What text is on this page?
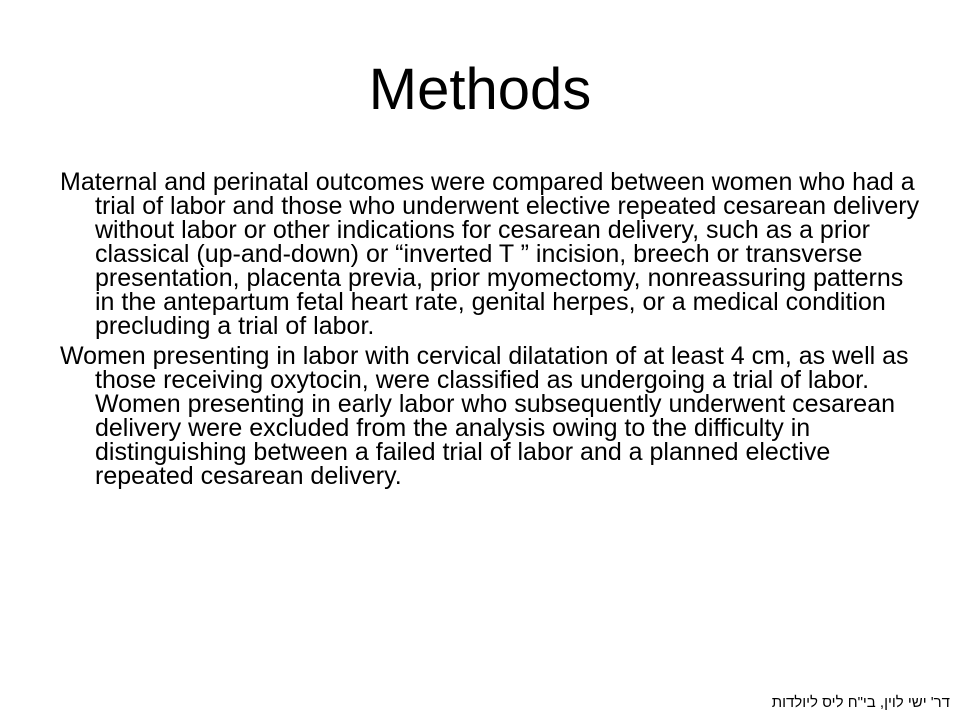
Methods

Maternal and perinatal outcomes were compared between women who had a trial of labor and those who underwent elective repeated cesarean delivery without labor or other indications for cesarean delivery, such as a prior classical (up-and-down) or “inverted T ” incision, breech or transverse presentation, placenta previa, prior myomectomy, nonreassuring patterns in the antepartum fetal heart rate, genital herpes, or a medical condition precluding a trial of labor.

Women presenting in labor with cervical dilatation of at least 4 cm, as well as those receiving oxytocin, were classified as undergoing a trial of labor. Women presenting in early labor who subsequently underwent cesarean delivery were excluded from the analysis owing to the difficulty in distinguishing between a failed trial of labor and a planned elective repeated cesarean delivery.

דר' ישי לוין, בי"ח ליס ליולדות
